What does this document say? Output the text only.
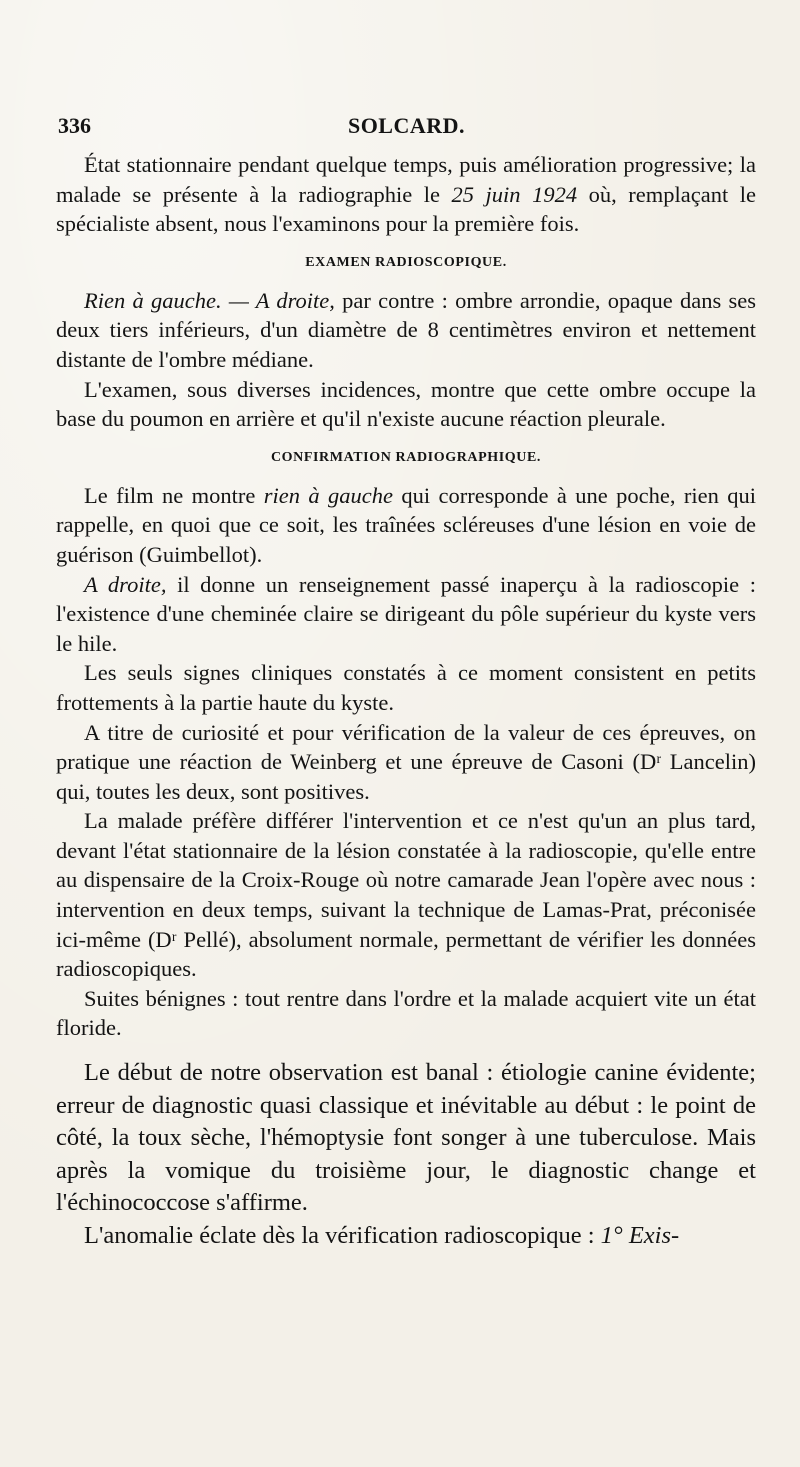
336	SOLCARD.

État stationnaire pendant quelque temps, puis amélioration progressive; la malade se présente à la radiographie le 25 juin 1924 où, remplaçant le spécialiste absent, nous l'examinons pour la première fois.

EXAMEN RADIOSCOPIQUE.

Rien à gauche. — A droite, par contre : ombre arrondie, opaque dans ses deux tiers inférieurs, d'un diamètre de 8 centimètres environ et nettement distante de l'ombre médiane.

L'examen, sous diverses incidences, montre que cette ombre occupe la base du poumon en arrière et qu'il n'existe aucune réaction pleurale.

CONFIRMATION RADIOGRAPHIQUE.

Le film ne montre rien à gauche qui corresponde à une poche, rien qui rappelle, en quoi que ce soit, les traînées scléreuses d'une lésion en voie de guérison (Guimbellot).

A droite, il donne un renseignement passé inaperçu à la radioscopie : l'existence d'une cheminée claire se dirigeant du pôle supérieur du kyste vers le hile.

Les seuls signes cliniques constatés à ce moment consistent en petits frottements à la partie haute du kyste.

A titre de curiosité et pour vérification de la valeur de ces épreuves, on pratique une réaction de Weinberg et une épreuve de Casoni (Dʳ Lancelin) qui, toutes les deux, sont positives.

La malade préfère différer l'intervention et ce n'est qu'un an plus tard, devant l'état stationnaire de la lésion constatée à la radioscopie, qu'elle entre au dispensaire de la Croix-Rouge où notre camarade Jean l'opère avec nous : intervention en deux temps, suivant la technique de Lamas-Prat, préconisée ici-même (Dʳ Pellé), absolument normale, permettant de vérifier les données radioscopiques.

Suites bénignes : tout rentre dans l'ordre et la malade acquiert vite un état floride.

Le début de notre observation est banal : étiologie canine évidente; erreur de diagnostic quasi classique et inévitable au début : le point de côté, la toux sèche, l'hémoptysie font songer à une tuberculose. Mais après la vomique du troisième jour, le diagnostic change et l'échinococcose s'affirme.

L'anomalie éclate dès la vérification radioscopique : 1° Exis-
